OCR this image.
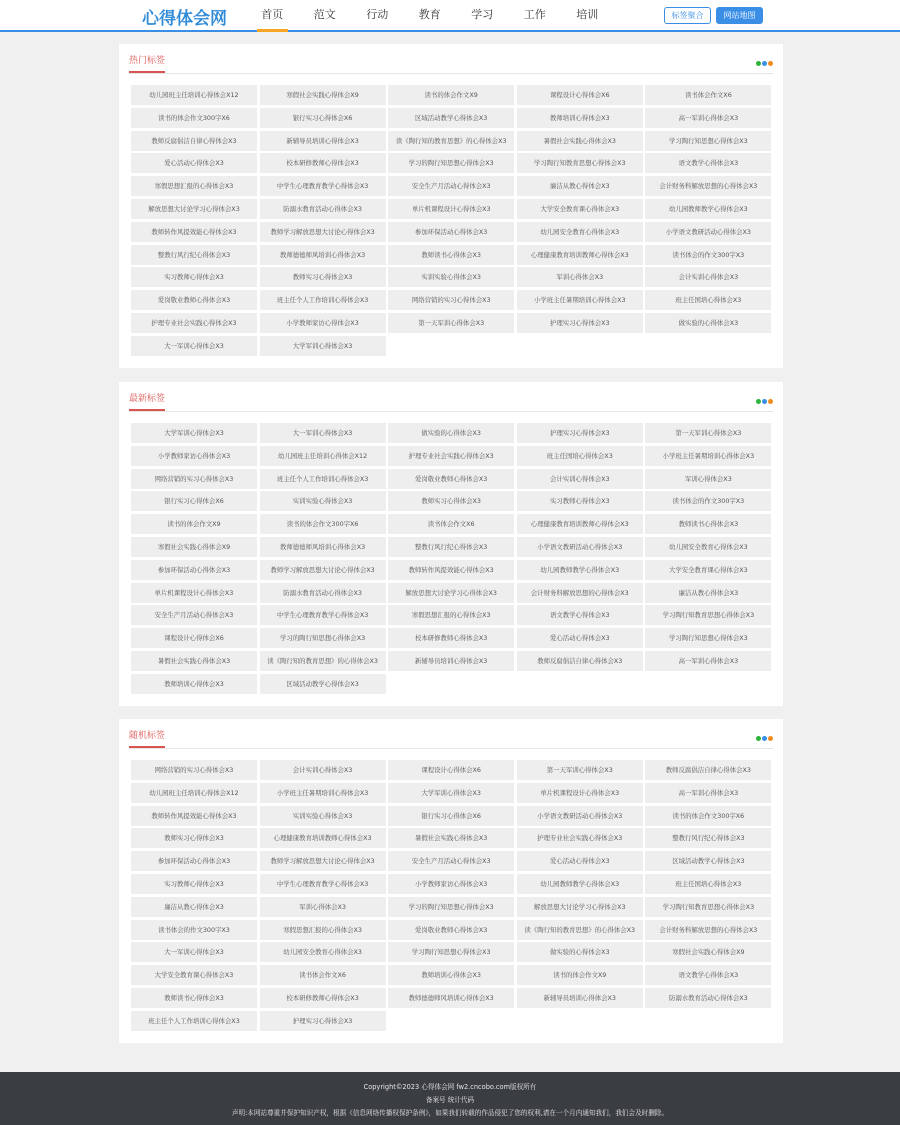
心得体会网	首页	范文	行动	教育	学习	工作	培训	标签聚合	网站地图
热门标签
幼儿园班主任培训心得体会X12	寒假社会实践心得体会X9	读书的体会作文X9	课程设计心得体会X6	读书体会作文X6
读书的体会作文300字X6	银行实习心得体会X6	区域活动教学心得体会X3	教师培训心得体会X3	高一军训心得体会X3
教师反腐倡洁自律心得体会X3	新辅导员培训心得体会X3	读《陶行知的教育思想》的心得体会X3	暑假社会实践心得体会X3	学习陶行知思想心得体会X3
爱心活动心得体会X3	校本研修教师心得体会X3	学习的陶行知思想心得体会X3	学习陶行知教育思想心得体会X3	语文教学心得体会X3
寒假思想汇报的心得体会X3	中学生心理教育教学心得体会X3	安全生产月活动心得体会X3	廉洁从教心得体会X3	会计财务科解放思想的心得体会X3
解放思想大讨论学习心得体会X3	防溺水教育活动心得体会X3	单片机课程设计心得体会X3	大学安全教育课心得体会X3	幼儿园教师教学心得体会X3
教师转作风提效能心得体会X3	教师学习解放思想大讨论心得体会X3	参加环保活动心得体会X3	幼儿园安全教育心得体会X3	小学语文教研活动心得体会X3
整教行风行纪心得体会X3	教师德德师风培训心得体会X3	教师读书心得体会X3	心理健康教育培训教师心得体会X3	读书体会的作文300字X3
实习教师心得体会X3	教师实习心得体会X3	实训实验心得体会X3	军训心得体会X3	会计实训心得体会X3
爱岗敬业教师心得体会X3	班主任个人工作培训心得体会X3	网络营销的实习心得体会X3	小学班主任暑期培训心得体会X3	班主任国培心得体会X3
护理专业社会实践心得体会X3	小学教师家访心得体会X3	第一天军训心得体会X3	护理实习心得体会X3	做实验的心得体会X3
大一军训心得体会X3	大学军训心得体会X3
最新标签
大学军训心得体会X3	大一军训心得体会X3	做实验的心得体会X3	护理实习心得体会X3	第一天军训心得体会X3
小学教师家访心得体会X3	幼儿园班主任培训心得体会X12	护理专业社会实践心得体会X3	班主任国培心得体会X3	小学班主任暑期培训心得体会X3
网络营销的实习心得体会X3	班主任个人工作培训心得体会X3	爱岗敬业教师心得体会X3	会计实训心得体会X3	军训心得体会X3
银行实习心得体会X6	实训实验心得体会X3	教师实习心得体会X3	实习教师心得体会X3	读书体会的作文300字X3
读书的体会作文X9	读书的体会作文300字X6	读书体会作文X6	心理健康教育培训教师心得体会X3	教师读书心得体会X3
寒假社会实践心得体会X9	教师德德师风培训心得体会X3	整教行风行纪心得体会X3	小学语文教研活动心得体会X3	幼儿园安全教育心得体会X3
参加环保活动心得体会X3	教师学习解放思想大讨论心得体会X3	教师转作风提效能心得体会X3	幼儿园教师教学心得体会X3	大学安全教育课心得体会X3
单片机课程设计心得体会X3	防溺水教育活动心得体会X3	解放思想大讨论学习心得体会X3	会计财务科解放思想的心得体会X3	廉洁从教心得体会X3
安全生产月活动心得体会X3	中学生心理教育教学心得体会X3	寒假思想汇报的心得体会X3	语文教学心得体会X3	学习陶行知教育思想心得体会X3
课程设计心得体会X6	学习的陶行知思想心得体会X3	校本研修教师心得体会X3	爱心活动心得体会X3	学习陶行知思想心得体会X3
暑假社会实践心得体会X3	读《陶行知的教育思想》的心得体会X3	新辅导员培训心得体会X3	教师反腐倡洁自律心得体会X3	高一军训心得体会X3
教师培训心得体会X3	区域活动教学心得体会X3
随机标签
网络营销的实习心得体会X3	会计实训心得体会X3	课程设计心得体会X6	第一天军训心得体会X3	教师反腐倡洁自律心得体会X3
幼儿园班主任培训心得体会X12	小学班主任暑期培训心得体会X3	大学军训心得体会X3	单片机课程设计心得体会X3	高一军训心得体会X3
教师转作风提效能心得体会X3	实训实验心得体会X3	银行实习心得体会X6	小学语文教研活动心得体会X3	读书的体会作文300字X6
教师实习心得体会X3	心理健康教育培训教师心得体会X3	暑假社会实践心得体会X3	护理专业社会实践心得体会X3	整教行风行纪心得体会X3
参加环保活动心得体会X3	教师学习解放思想大讨论心得体会X3	安全生产月活动心得体会X3	爱心活动心得体会X3	区域活动教学心得体会X3
实习教师心得体会X3	中学生心理教育教学心得体会X3	小学教师家访心得体会X3	幼儿园教师教学心得体会X3	班主任国培心得体会X3
廉洁从教心得体会X3	军训心得体会X3	学习的陶行知思想心得体会X3	解放思想大讨论学习心得体会X3	学习陶行知教育思想心得体会X3
读书体会的作文300字X3	寒假思想汇报的心得体会X3	爱岗敬业教师心得体会X3	读《陶行知的教育思想》的心得体会X3	会计财务科解放思想的心得体会X3
大一军训心得体会X3	幼儿园安全教育心得体会X3	学习陶行知思想心得体会X3	做实验的心得体会X3	寒假社会实践心得体会X9
大学安全教育课心得体会X3	读书体会作文X6	教师培训心得体会X3	读书的体会作文X9	语文教学心得体会X3
教师读书心得体会X3	校本研修教师心得体会X3	教师德德师风培训心得体会X3	新辅导员培训心得体会X3	防溺水教育活动心得体会X3
班主任个人工作培训心得体会X3	护理实习心得体会X3
Copyright©2023 心得体会网 fw2.cncobo.com版权所有
备案号 统计代码
声明:本网站尊重并保护知识产权，根据《信息网络传播权保护条例》，如果我们转载的作品侵犯了您的权利,请在一个月内通知我们，我们会及时删除。
